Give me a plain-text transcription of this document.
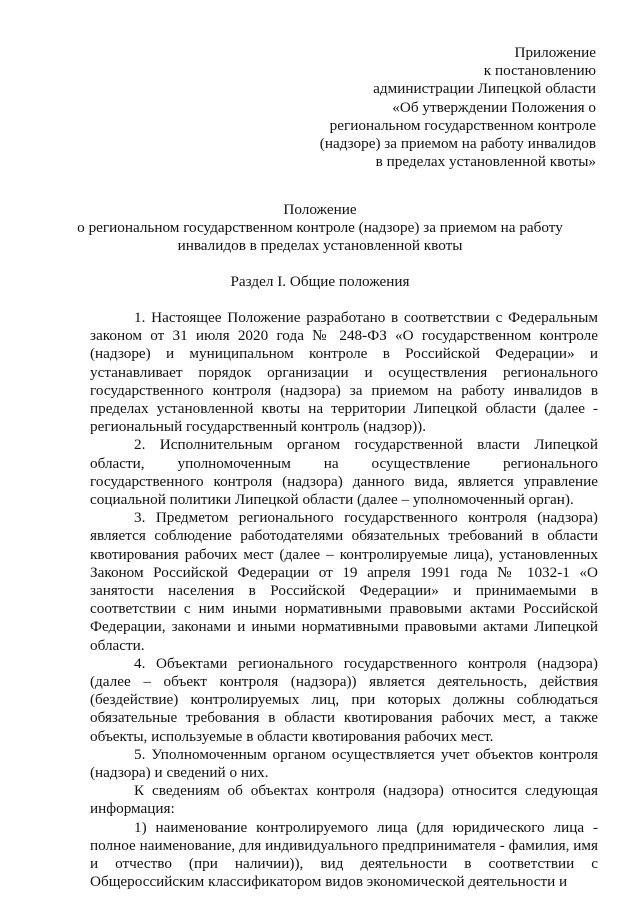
Приложение
к постановлению
администрации Липецкой области
«Об утверждении Положения о
региональном государственном контроле
(надзоре) за приемом на работу инвалидов
в пределах установленной квоты»
Положение
о региональном государственном контроле (надзоре) за приемом на работу
инвалидов в пределах установленной квоты
Раздел I. Общие положения

1. Настоящее Положение разработано в соответствии с Федеральным законом от 31 июля 2020 года № 248-ФЗ «О государственном контроле (надзоре) и муниципальном контроле в Российской Федерации» и устанавливает порядок организации и осуществления регионального государственного контроля (надзора) за приемом на работу инвалидов в пределах установленной квоты на территории Липецкой области (далее - региональный государственный контроль (надзор)).

2. Исполнительным органом государственной власти Липецкой области, уполномоченным на осуществление регионального государственного контроля (надзора) данного вида, является управление социальной политики Липецкой области (далее – уполномоченный орган).

3. Предметом регионального государственного контроля (надзора) является соблюдение работодателями обязательных требований в области квотирования рабочих мест (далее – контролируемые лица), установленных Законом Российской Федерации от 19 апреля 1991 года № 1032-1 «О занятости населения в Российской Федерации» и принимаемыми в соответствии с ним иными нормативными правовыми актами Российской Федерации, законами и иными нормативными правовыми актами Липецкой области.

4. Объектами регионального государственного контроля (надзора) (далее – объект контроля (надзора)) является деятельность, действия (бездействие) контролируемых лиц, при которых должны соблюдаться обязательные требования в области квотирования рабочих мест, а также объекты, используемые в области квотирования рабочих мест.

5. Уполномоченным органом осуществляется учет объектов контроля (надзора) и сведений о них.

К сведениям об объектах контроля (надзора) относится следующая информация:

1) наименование контролируемого лица (для юридического лица - полное наименование, для индивидуального предпринимателя - фамилия, имя и отчество (при наличии)), вид деятельности в соответствии с Общероссийским классификатором видов экономической деятельности и
